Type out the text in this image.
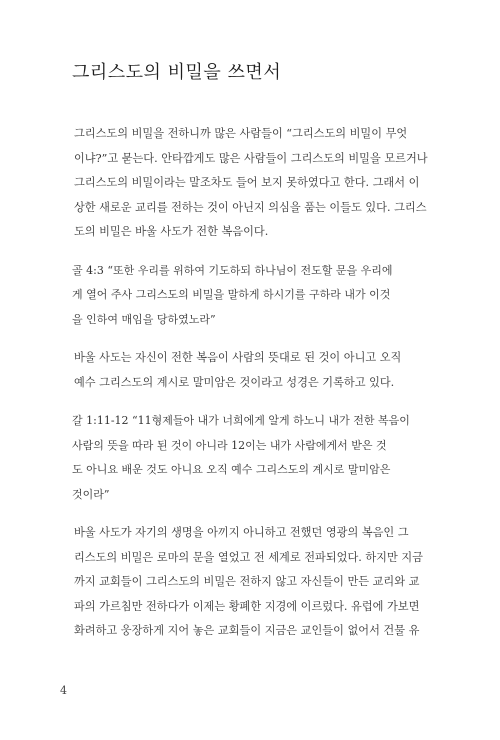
그리스도의 비밀을 쓰면서

그리스도의 비밀을 전하니까 많은 사람들이 “그리스도의 비밀이 무엇
이냐?”고 묻는다. 안타깝게도 많은 사람들이 그리스도의 비밀을 모르거나
그리스도의 비밀이라는 말조차도 들어 보지 못하였다고 한다. 그래서 이
상한 새로운 교리를 전하는 것이 아닌지 의심을 품는 이들도 있다. 그리스
도의 비밀은 바울 사도가 전한 복음이다.

골 4:3 “또한 우리를 위하여 기도하되 하나님이 전도할 문을 우리에
게 열어 주사 그리스도의 비밀을 말하게 하시기를 구하라 내가 이것
을 인하여 매임을 당하였노라”

바울 사도는 자신이 전한 복음이 사람의 뜻대로 된 것이 아니고 오직
예수 그리스도의 계시로 말미암은 것이라고 성경은 기록하고 있다.

갈 1:11-12 “11형제들아 내가 너희에게 알게 하노니 내가 전한 복음이
사람의 뜻을 따라 된 것이 아니라 12이는 내가 사람에게서 받은 것
도 아니요 배운 것도 아니요 오직 예수 그리스도의 계시로 말미암은
것이라”

바울 사도가 자기의 생명을 아끼지 아니하고 전했던 영광의 복음인 그
리스도의 비밀은 로마의 문을 열었고 전 세계로 전파되었다. 하지만 지금
까지 교회들이 그리스도의 비밀은 전하지 않고 자신들이 만든 교리와 교
파의 가르침만 전하다가 이제는 황폐한 지경에 이르렀다. 유럽에 가보면
화려하고 웅장하게 지어 놓은 교회들이 지금은 교인들이 없어서 건물 유

4
